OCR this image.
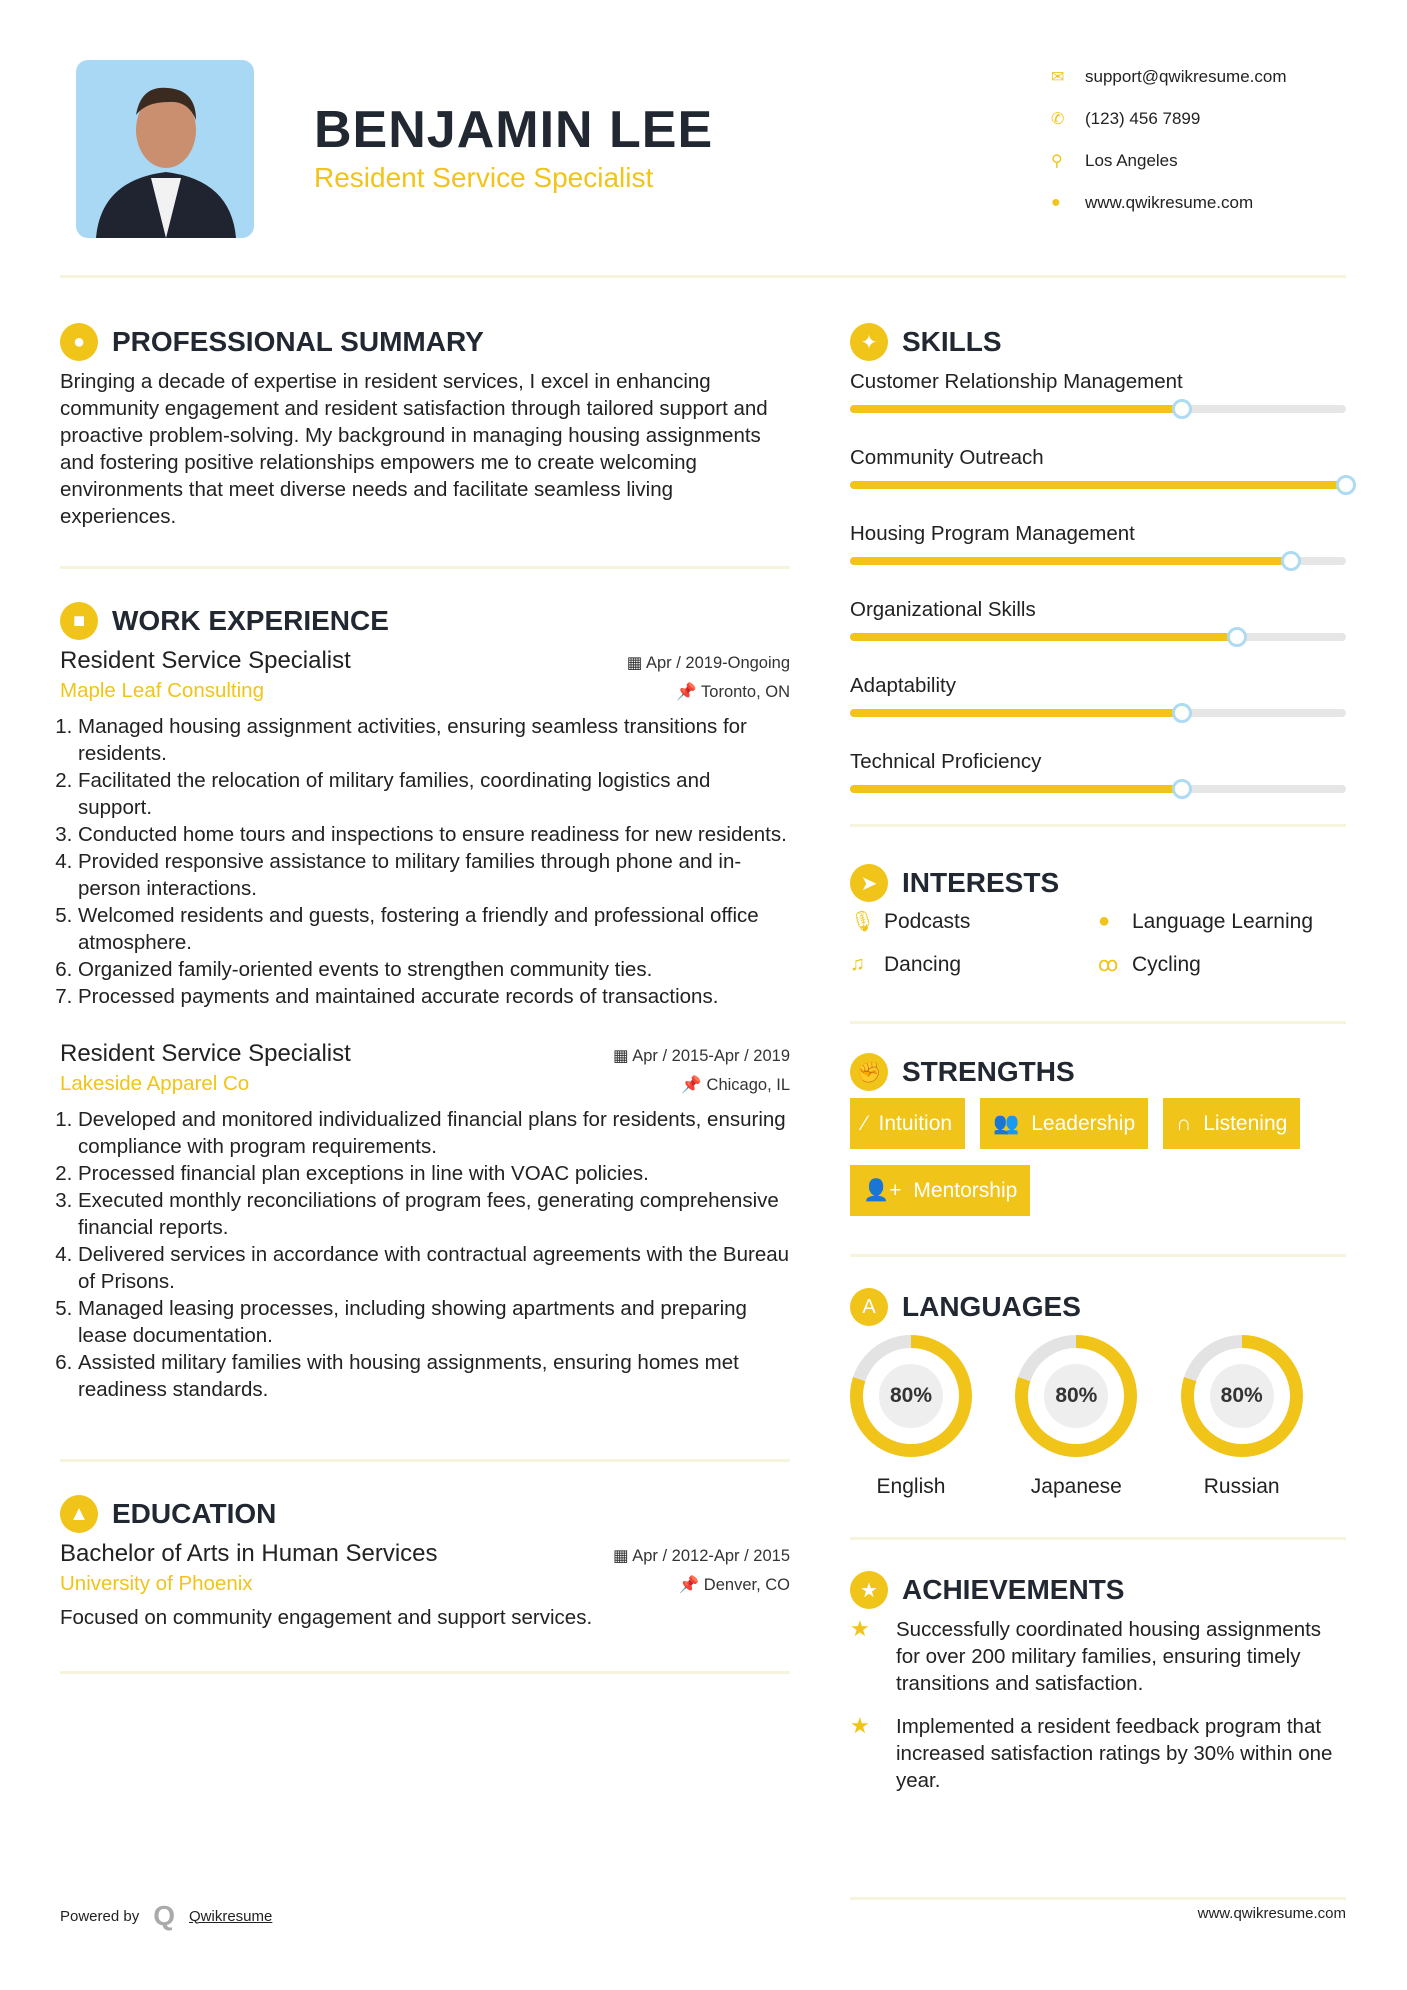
BENJAMIN LEE
Resident Service Specialist
✉	support@qwikresume.com
✆	(123) 456 7899
⚲	Los Angeles
●	www.qwikresume.com
● PROFESSIONAL SUMMARY

Bringing a decade of expertise in resident services, I excel in enhancing community engagement and resident satisfaction through tailored support and proactive problem-solving. My background in managing housing assignments and fostering positive relationships empowers me to create welcoming environments that meet diverse needs and facilitate seamless living experiences.

■ WORK EXPERIENCE
Resident Service Specialist	▦ Apr / 2019-Ongoing
Maple Leaf Consulting	📌 Toronto, ON
1. Managed housing assignment activities, ensuring seamless transitions for residents.
2. Facilitated the relocation of military families, coordinating logistics and support.
3. Conducted home tours and inspections to ensure readiness for new residents.
4. Provided responsive assistance to military families through phone and in-person interactions.
5. Welcomed residents and guests, fostering a friendly and professional office atmosphere.
6. Organized family-oriented events to strengthen community ties.
7. Processed payments and maintained accurate records of transactions.
Resident Service Specialist	▦ Apr / 2015-Apr / 2019
Lakeside Apparel Co	📌 Chicago, IL
1. Developed and monitored individualized financial plans for residents, ensuring compliance with program requirements.
2. Processed financial plan exceptions in line with VOAC policies.
3. Executed monthly reconciliations of program fees, generating comprehensive financial reports.
4. Delivered services in accordance with contractual agreements with the Bureau of Prisons.
5. Managed leasing processes, including showing apartments and preparing lease documentation.
6. Assisted military families with housing assignments, ensuring homes met readiness standards.
▲ EDUCATION
Bachelor of Arts in Human Services	▦ Apr / 2012-Apr / 2015
University of Phoenix	📌 Denver, CO

Focused on community engagement and support services.

✦ SKILLS
Customer Relationship Management
Community Outreach
Housing Program Management
Organizational Skills
Adaptability
Technical Proficiency
➤ INTERESTS
🎙 Podcasts	●	Language Learning
♫ Dancing	ꝏ Cycling
✊ STRENGTHS
⁄ Intuition 👥 Leadership ∩ Listening
👤+ Mentorship
A LANGUAGES
80%
English
80%
Japanese
80%
Russian
★ ACHIEVEMENTS
★	Successfully coordinated housing assignments for over 200 military families, ensuring timely transitions and satisfaction.
★	Implemented a resident feedback program that increased satisfaction ratings by 30% within one year.
Powered by Q Qwikresume	www.qwikresume.com
